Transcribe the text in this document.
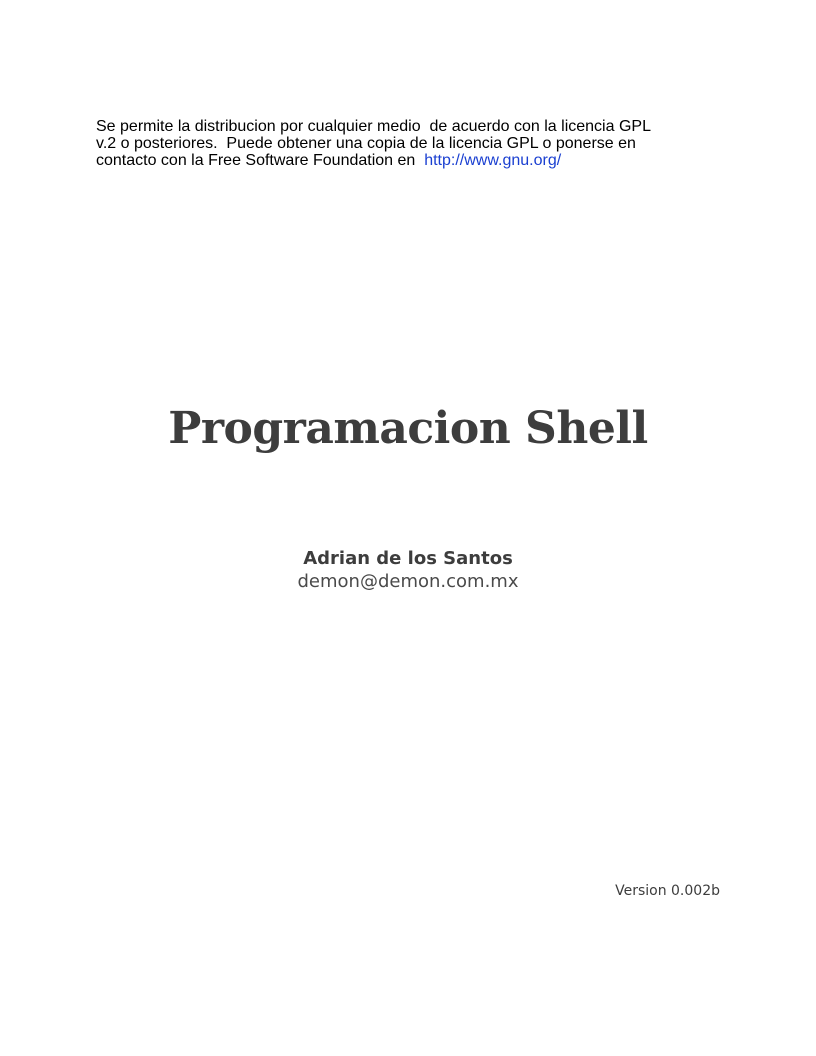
Se permite la distribucion por cualquier medio  de acuerdo con la licencia GPL
v.2 o posteriores.  Puede obtener una copia de la licencia GPL o ponerse en
contacto con la Free Software Foundation en  http://www.gnu.org/
Programacion Shell
Adrian de los Santos
demon@demon.com.mx
Version 0.002b
